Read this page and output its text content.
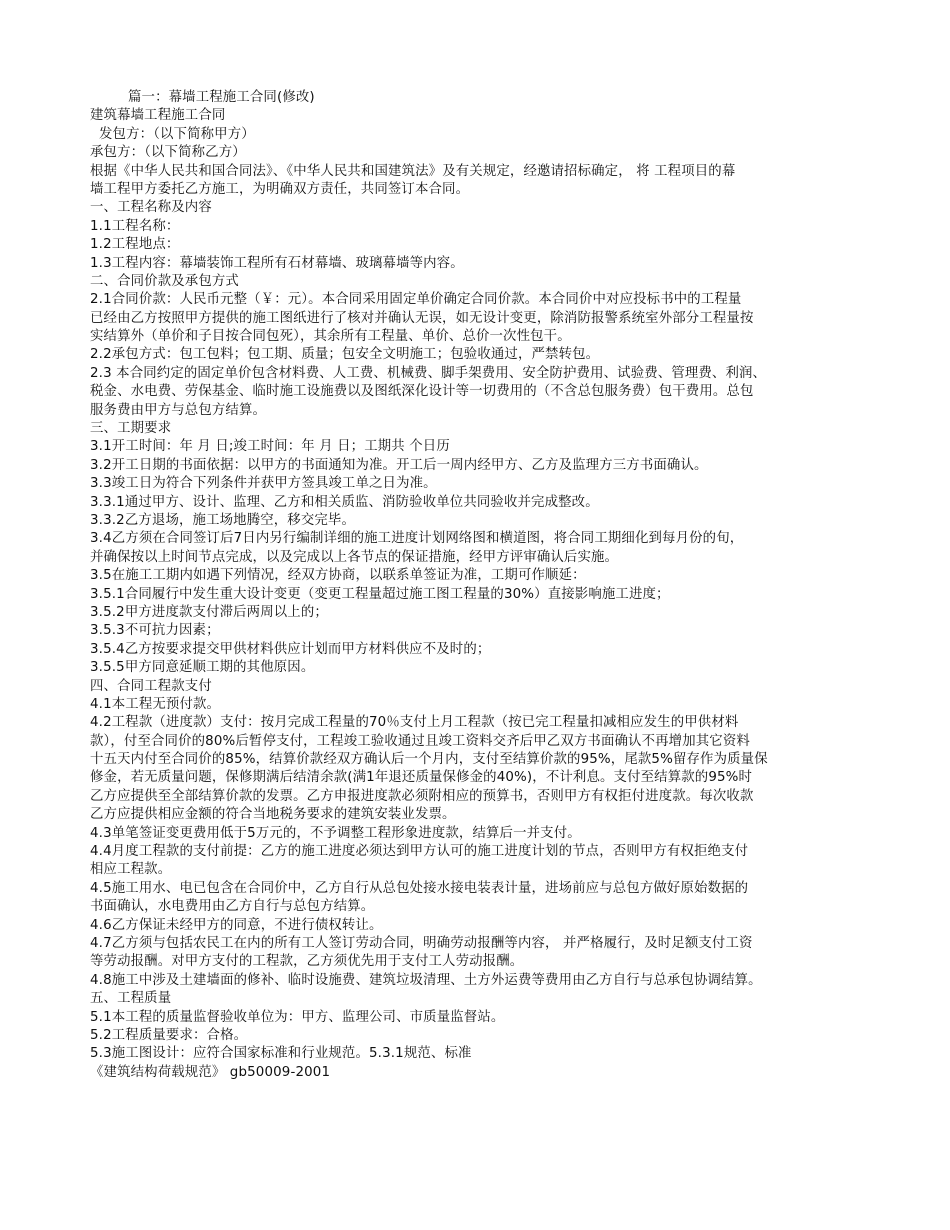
篇一：幕墙工程施工合同(修改)
建筑幕墙工程施工合同
发包方：（以下简称甲方）
承包方：（以下简称乙方）
根据《中华人民共和国合同法》、《中华人民共和国建筑法》及有关规定，经邀请招标确定， 将 工程项目的幕
墙工程甲方委托乙方施工，为明确双方责任，共同签订本合同。
一、工程名称及内容
1.1工程名称：
1.2工程地点：
1.3工程内容：幕墙装饰工程所有石材幕墙、玻璃幕墙等内容。
二、合同价款及承包方式
2.1合同价款：人民币元整（￥：元）。本合同采用固定单价确定合同价款。本合同价中对应投标书中的工程量
已经由乙方按照甲方提供的施工图纸进行了核对并确认无误，如无设计变更，除消防报警系统室外部分工程量按
实结算外（单价和子目按合同包死），其余所有工程量、单价、总价一次性包干。
2.2承包方式：包工包料；包工期、质量；包安全文明施工；包验收通过，严禁转包。
2.3 本合同约定的固定单价包含材料费、人工费、机械费、脚手架费用、安全防护费用、试验费、管理费、利润、
税金、水电费、劳保基金、临时施工设施费以及图纸深化设计等一切费用的（不含总包服务费）包干费用。总包
服务费由甲方与总包方结算。
三、工期要求
3.1开工时间：年 月 日;竣工时间：年 月 日；工期共 个日历
3.2开工日期的书面依据：以甲方的书面通知为准。开工后一周内经甲方、乙方及监理方三方书面确认。
3.3竣工日为符合下列条件并获甲方签具竣工单之日为准。
3.3.1通过甲方、设计、监理、乙方和相关质监、消防验收单位共同验收并完成整改。
3.3.2乙方退场，施工场地腾空，移交完毕。
3.4乙方须在合同签订后7日内另行编制详细的施工进度计划网络图和横道图，将合同工期细化到每月份的旬，
并确保按以上时间节点完成，以及完成以上各节点的保证措施，经甲方评审确认后实施。
3.5在施工工期内如遇下列情况，经双方协商，以联系单签证为准，工期可作顺延：
3.5.1合同履行中发生重大设计变更（变更工程量超过施工图工程量的30%）直接影响施工进度；
3.5.2甲方进度款支付滞后两周以上的；
3.5.3不可抗力因素；
3.5.4乙方按要求提交甲供材料供应计划而甲方材料供应不及时的；
3.5.5甲方同意延顺工期的其他原因。
四、合同工程款支付
4.1本工程无预付款。
4.2工程款（进度款）支付：按月完成工程量的70％支付上月工程款（按已完工程量扣减相应发生的甲供材料
款），付至合同价的80%后暂停支付，工程竣工验收通过且竣工资料交齐后甲乙双方书面确认不再增加其它资料
十五天内付至合同价的85%，结算价款经双方确认后一个月内，支付至结算价款的95%，尾款5%留存作为质量保
修金，若无质量问题，保修期满后结清余款(满1年退还质量保修金的40%)，不计利息。支付至结算款的95%时
乙方应提供至全部结算价款的发票。乙方申报进度款必须附相应的预算书，否则甲方有权拒付进度款。每次收款
乙方应提供相应金额的符合当地税务要求的建筑安装业发票。
4.3单笔签证变更费用低于5万元的，不予调整工程形象进度款，结算后一并支付。
4.4月度工程款的支付前提：乙方的施工进度必须达到甲方认可的施工进度计划的节点，否则甲方有权拒绝支付
相应工程款。
4.5施工用水、电已包含在合同价中，乙方自行从总包处接水接电装表计量，进场前应与总包方做好原始数据的
书面确认，水电费用由乙方自行与总包方结算。
4.6乙方保证未经甲方的同意，不进行债权转让。
4.7乙方须与包括农民工在内的所有工人签订劳动合同，明确劳动报酬等内容， 并严格履行，及时足额支付工资
等劳动报酬。对甲方支付的工程款，乙方须优先用于支付工人劳动报酬。
4.8施工中涉及土建墙面的修补、临时设施费、建筑垃圾清理、土方外运费等费用由乙方自行与总承包协调结算。
五、工程质量
5.1本工程的质量监督验收单位为：甲方、监理公司、市质量监督站。
5.2工程质量要求：合格。
5.3施工图设计：应符合国家标准和行业规范。5.3.1规范、标准
《建筑结构荷载规范》 gb50009-2001
